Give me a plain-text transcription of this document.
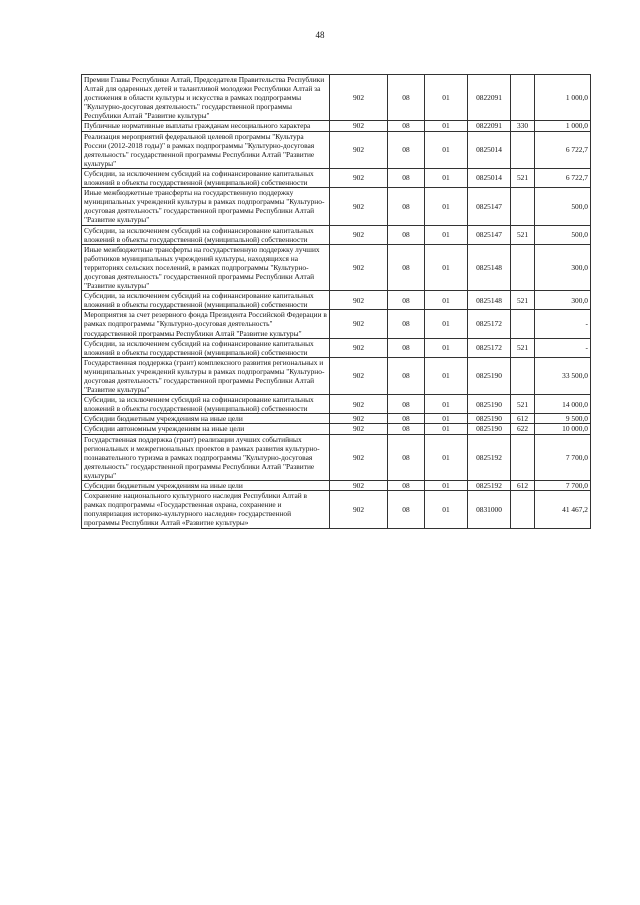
48
Премии Главы Республики Алтай, Председателя Правительства Республики Алтай для одаренных детей и талантливой молодежи Республики Алтай за достижения в области культуры и искусства в рамках подпрограммы "Культурно-досуговая деятельность" государственной программы Республики Алтай "Развитие культуры"	902	08	01	0822091		1 000,0
Публичные нормативные выплаты гражданам несоциального характера	902	08	01	0822091	330	1 000,0
Реализация мероприятий федеральной целевой программы "Культура России (2012-2018 годы)" в рамках подпрограммы "Культурно-досуговая деятельность" государственной программы Республики Алтай "Развитие культуры"	902	08	01	0825014		6 722,7
Субсидии, за исключением субсидий на софинансирование капитальных вложений в объекты государственной (муниципальной) собственности	902	08	01	0825014	521	6 722,7
Иные межбюджетные трансферты на государственную поддержку муниципальных учреждений культуры в рамках подпрограммы "Культурно-досуговая деятельность" государственной программы Республики Алтай "Развитие культуры"	902	08	01	0825147		500,0
Субсидии, за исключением субсидий на софинансирование капитальных вложений в объекты государственной (муниципальной) собственности	902	08	01	0825147	521	500,0
Иные межбюджетные трансферты на государственную поддержку лучших работников муниципальных учреждений культуры, находящихся на территориях сельских поселений, в рамках подпрограммы "Культурно-досуговая деятельность" государственной программы Республики Алтай "Развитие культуры"	902	08	01	0825148		300,0
Субсидии, за исключением субсидий на софинансирование капитальных вложений в объекты государственной (муниципальной) собственности	902	08	01	0825148	521	300,0
Мероприятия за счет резервного фонда Президента Российской Федерации в рамках подпрограммы "Культурно-досуговая деятельность" государственной программы Республики Алтай "Развитие культуры"	902	08	01	0825172		-
Субсидии, за исключением субсидий на софинансирование капитальных вложений в объекты государственной (муниципальной) собственности	902	08	01	0825172	521	-
Государственная поддержка (грант) комплексного развития региональных и муниципальных учреждений культуры в рамках подпрограммы "Культурно-досуговая деятельность" государственной программы Республики Алтай "Развитие культуры"	902	08	01	0825190		33 500,0
Субсидии, за исключением субсидий на софинансирование капитальных вложений в объекты государственной (муниципальной) собственности	902	08	01	0825190	521	14 000,0
Субсидии бюджетным учреждениям на иные цели	902	08	01	0825190	612	9 500,0
Субсидии автономным учреждениям на иные цели	902	08	01	0825190	622	10 000,0
Государственная поддержка (грант) реализации лучших событийных региональных и межрегиональных проектов в рамках развития культурно-познавательного туризма в рамках подпрограммы "Культурно-досуговая деятельность" государственной программы Республики Алтай "Развитие культуры"	902	08	01	0825192		7 700,0
Субсидии бюджетным учреждениям на иные цели	902	08	01	0825192	612	7 700,0
Сохранение национального культурного наследия Республики Алтай в рамках подпрограммы «Государственная охрана, сохранение и популяризация историко-культурного наследия» государственной программы Республики Алтай «Развитие культуры»	902	08	01	0831000		41 467,2
